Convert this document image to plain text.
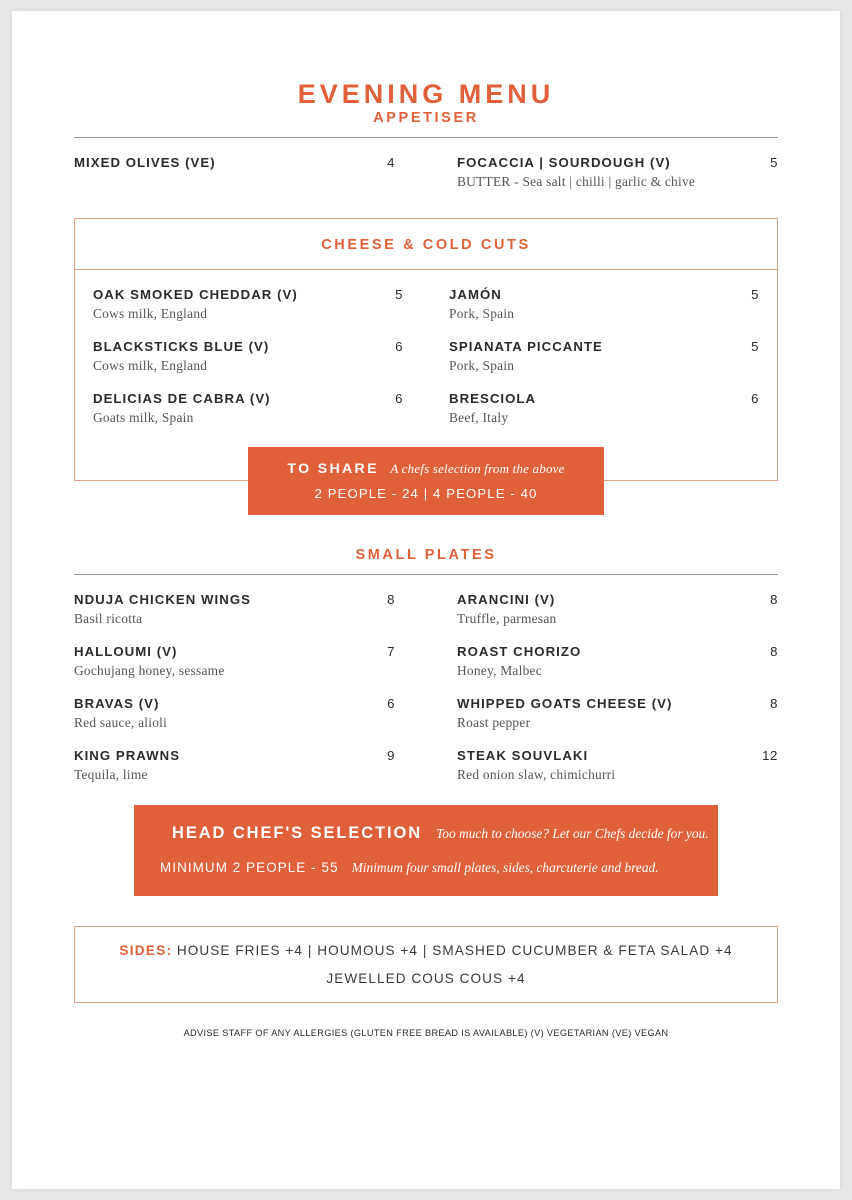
EVENING MENU
APPETISER
MIXED OLIVES (VE)	4	FOCACCIA | SOURDOUGH (V)	5
BUTTER - Sea salt | chilli | garlic & chive
CHEESE & COLD CUTS
OAK SMOKED CHEDDAR (V)	5
Cows milk, England
JAMÓN	5
Pork, Spain
BLACKSTICKS BLUE (V)	6
Cows milk, England
SPIANATA PICCANTE	5
Pork, Spain
DELICIAS DE CABRA (V)	6
Goats milk, Spain
BRESCIOLA	6
Beef, Italy
TO SHARE A chefs selection from the above
2 PEOPLE - 24 | 4 PEOPLE - 40
SMALL PLATES
NDUJA CHICKEN WINGS	8
Basil ricotta
ARANCINI (V)	8
Truffle, parmesan
HALLOUMI (V)	7
Gochujang honey, sessame
ROAST CHORIZO	8
Honey, Malbec
BRAVAS (V)	6
Red sauce, alioli
WHIPPED GOATS CHEESE (V)	8
Roast pepper
KING PRAWNS	9
Tequila, lime
STEAK SOUVLAKI	12
Red onion slaw, chimichurri
HEAD CHEF'S SELECTION Too much to choose? Let our Chefs decide for you.
MINIMUM 2 PEOPLE - 55 Minimum four small plates, sides, charcuterie and bread.
SIDES: HOUSE FRIES +4 | HOUMOUS +4 | SMASHED CUCUMBER & FETA SALAD +4
JEWELLED COUS COUS +4
ADVISE STAFF OF ANY ALLERGIES (GLUTEN FREE BREAD IS AVAILABLE) (V) VEGETARIAN (VE) VEGAN
